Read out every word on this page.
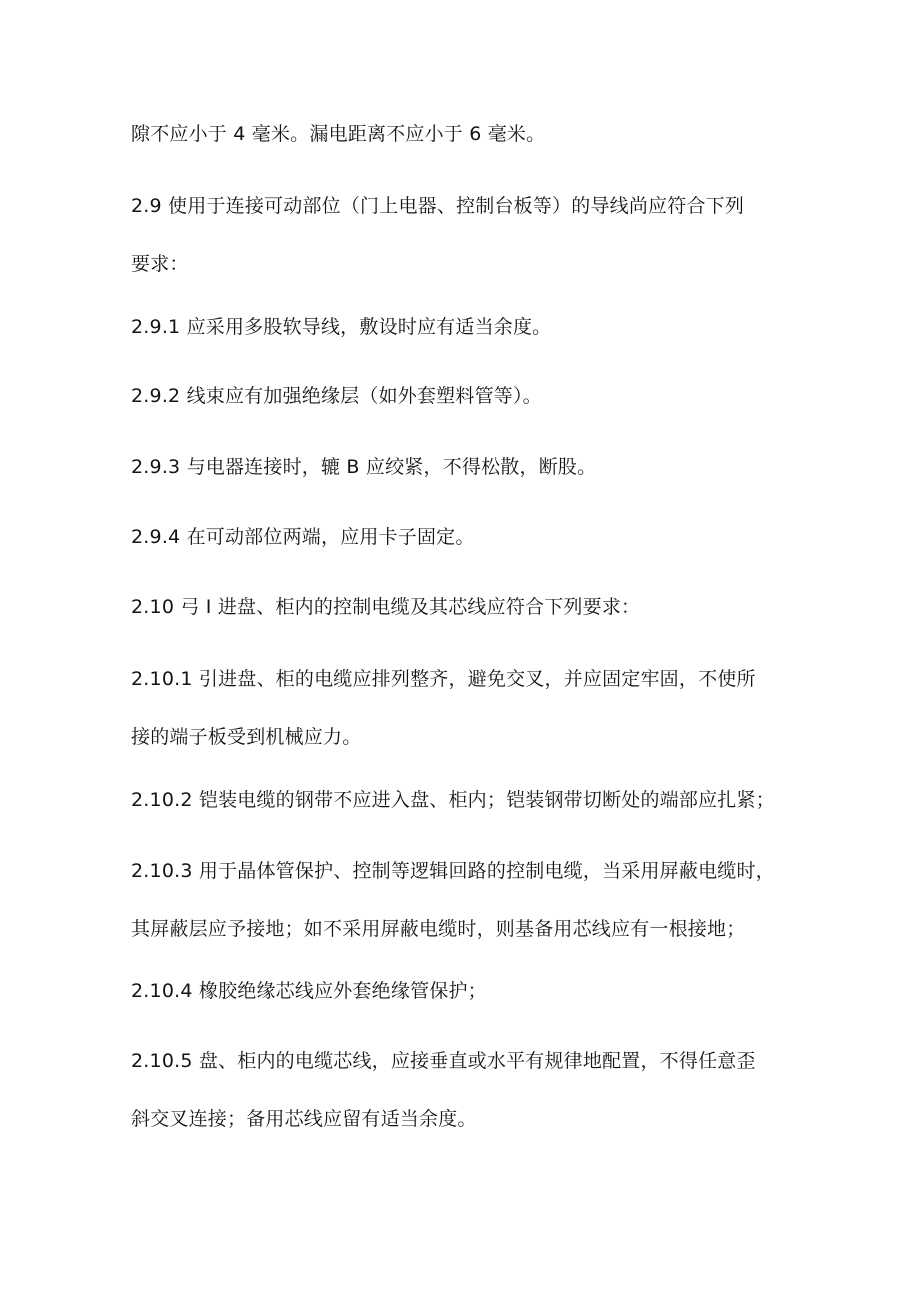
隙不应小于 4 毫米。漏电距离不应小于 6 毫米。

2.9 使用于连接可动部位（门上电器、控制台板等）的导线尚应符合下列
要求：

2.9.1 应采用多股软导线，敷设时应有适当余度。

2.9.2 线束应有加强绝缘层（如外套塑料管等）。

2.9.3 与电器连接时，辘 B 应绞紧，不得松散，断股。

2.9.4 在可动部位两端，应用卡子固定。

2.10 弓 I 进盘、柜内的控制电缆及其芯线应符合下列要求：

2.10.1 引进盘、柜的电缆应排列整齐，避免交叉，并应固定牢固，不使所
接的端子板受到机械应力。

2.10.2 铠装电缆的钢带不应进入盘、柜内；铠装钢带切断处的端部应扎紧；

2.10.3 用于晶体管保护、控制等逻辑回路的控制电缆，当采用屏蔽电缆时，
其屏蔽层应予接地；如不采用屏蔽电缆时，则基备用芯线应有一根接地；

2.10.4 橡胶绝缘芯线应外套绝缘管保护；

2.10.5 盘、柜内的电缆芯线，应接垂直或水平有规律地配置，不得任意歪
斜交叉连接；备用芯线应留有适当余度。
